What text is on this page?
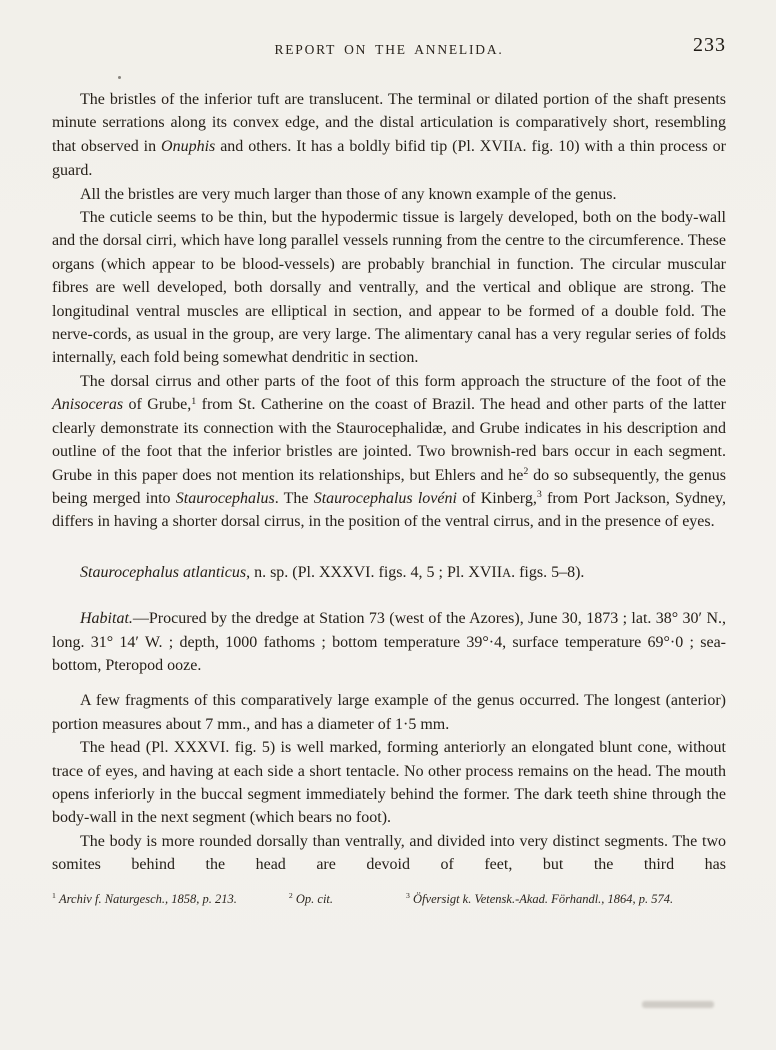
REPORT ON THE ANNELIDA.	233

The bristles of the inferior tuft are translucent. The terminal or dilated portion of the shaft presents minute serrations along its convex edge, and the distal articulation is comparatively short, resembling that observed in Onuphis and others. It has a boldly bifid tip (Pl. XVIIA. fig. 10) with a thin process or guard.

All the bristles are very much larger than those of any known example of the genus.

The cuticle seems to be thin, but the hypodermic tissue is largely developed, both on the body-wall and the dorsal cirri, which have long parallel vessels running from the centre to the circumference. These organs (which appear to be blood-vessels) are probably branchial in function. The circular muscular fibres are well developed, both dorsally and ventrally, and the vertical and oblique are strong. The longitudinal ventral muscles are elliptical in section, and appear to be formed of a double fold. The nerve-cords, as usual in the group, are very large. The alimentary canal has a very regular series of folds internally, each fold being somewhat dendritic in section.

The dorsal cirrus and other parts of the foot of this form approach the structure of the foot of the Anisoceras of Grube,$^1$ from St. Catherine on the coast of Brazil. The head and other parts of the latter clearly demonstrate its connection with the Staurocephalidæ, and Grube indicates in his description and outline of the foot that the inferior bristles are jointed. Two brownish-red bars occur in each segment. Grube in this paper does not mention its relationships, but Ehlers and $he^2$ do so subsequently, the genus being merged into Staurocephalus. The Staurocephalus lovéni of Kinberg,$^3$ from Port Jackson, Sydney, differs in having a shorter dorsal cirrus, in the position of the ventral cirrus, and in the presence of eyes.

Staurocephalus atlanticus, n. sp. (Pl. XXXVI. figs. 4, 5 ; Pl. XVIIA. figs. 5–8).

Habitat.—Procured by the dredge at Station 73 (west of the Azores), June 30, 1873 ; lat. 38° 30′ N., long. 31° 14′ W. ; depth, 1000 fathoms ; bottom temperature 39°·4, surface temperature 69°·0 ; sea-bottom, Pteropod ooze.

A few fragments of this comparatively large example of the genus occurred. The longest (anterior) portion measures about 7 mm., and has a diameter of 1·5 mm.

The head (Pl. XXXVI. fig. 5) is well marked, forming anteriorly an elongated blunt cone, without trace of eyes, and having at each side a short tentacle. No other process remains on the head. The mouth opens inferiorly in the buccal segment immediately behind the former. The dark teeth shine through the body-wall in the next segment (which bears no foot).

The body is more rounded dorsally than ventrally, and divided into very distinct segments. The two somites behind the head are devoid of feet, but the third has

$^1$ Archiv f. Naturgesch., 1858, p. 213.	$^2$ Op. cit.	$^3$ Öfversigt k. Vetensk.-Akad. Förhandl., 1864, p. 574.
